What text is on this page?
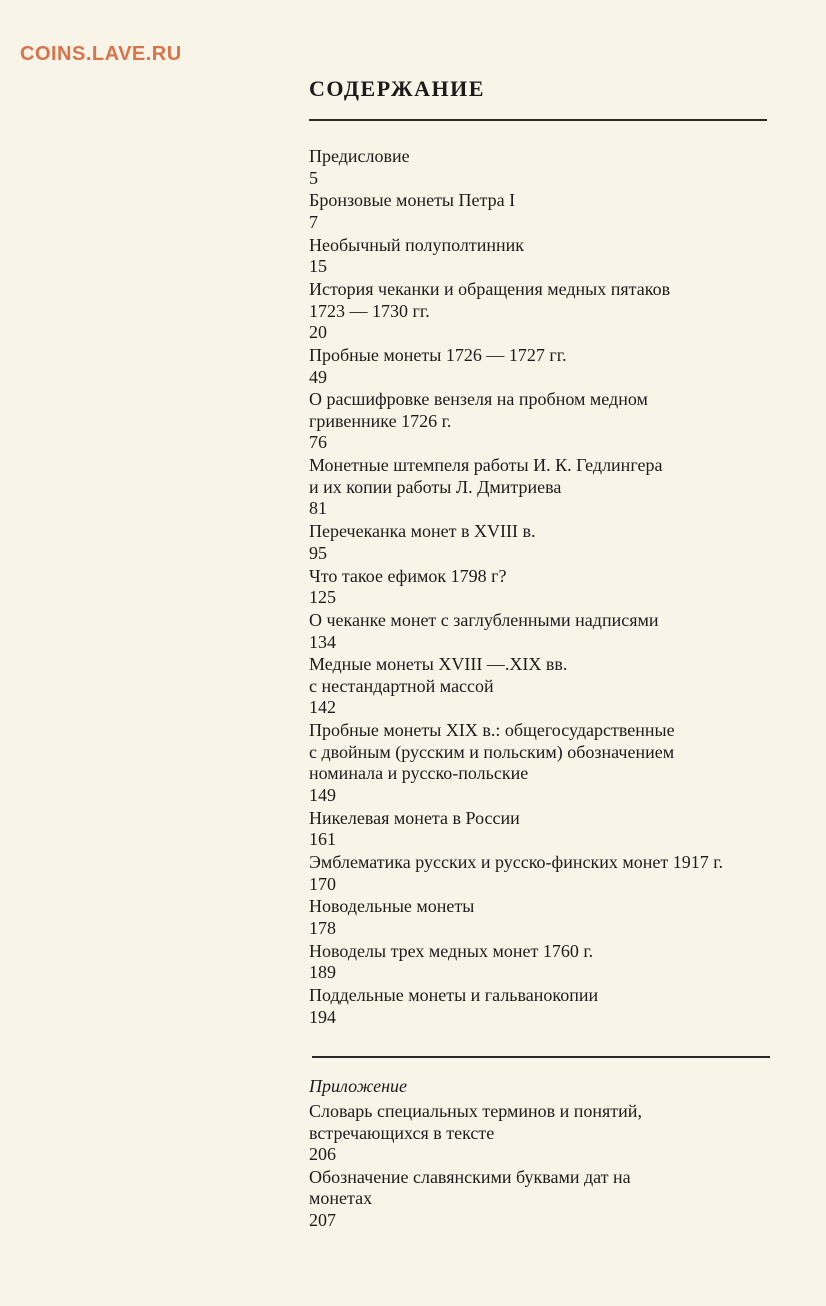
COINS.LAVE.RU
СОДЕРЖАНИЕ
Предисловие
5
Бронзовые монеты Петра I
7
Необычный полуполтинник
15
История чеканки и обращения медных пятаков
1723 — 1730 гг.
20
Пробные монеты 1726 — 1727 гг.
49
О расшифровке вензеля на пробном медном
гривеннике 1726 г.
76
Монетные штемпеля работы И. К. Гедлингера
и их копии работы Л. Дмитриева
81
Перечеканка монет в XVIII в.
95
Что такое ефимок 1798 г?
125
О чеканке монет с заглубленными надписями
134
Медные монеты XVIII —.XIX вв.
с нестандартной массой
142
Пробные монеты XIX в.: общегосударственные
с двойным (русским и польским) обозначением
номинала и русско-польские
149
Никелевая монета в России
161
Эмблематика русских и русско-финских монет 1917 г.
170
Новодельные монеты
178
Новоделы трех медных монет 1760 г.
189
Поддельные монеты и гальванокопии
194
Приложение
Словарь специальных терминов и понятий,
встречающихся в тексте
206
Обозначение славянскими буквами дат на
монетах
207
